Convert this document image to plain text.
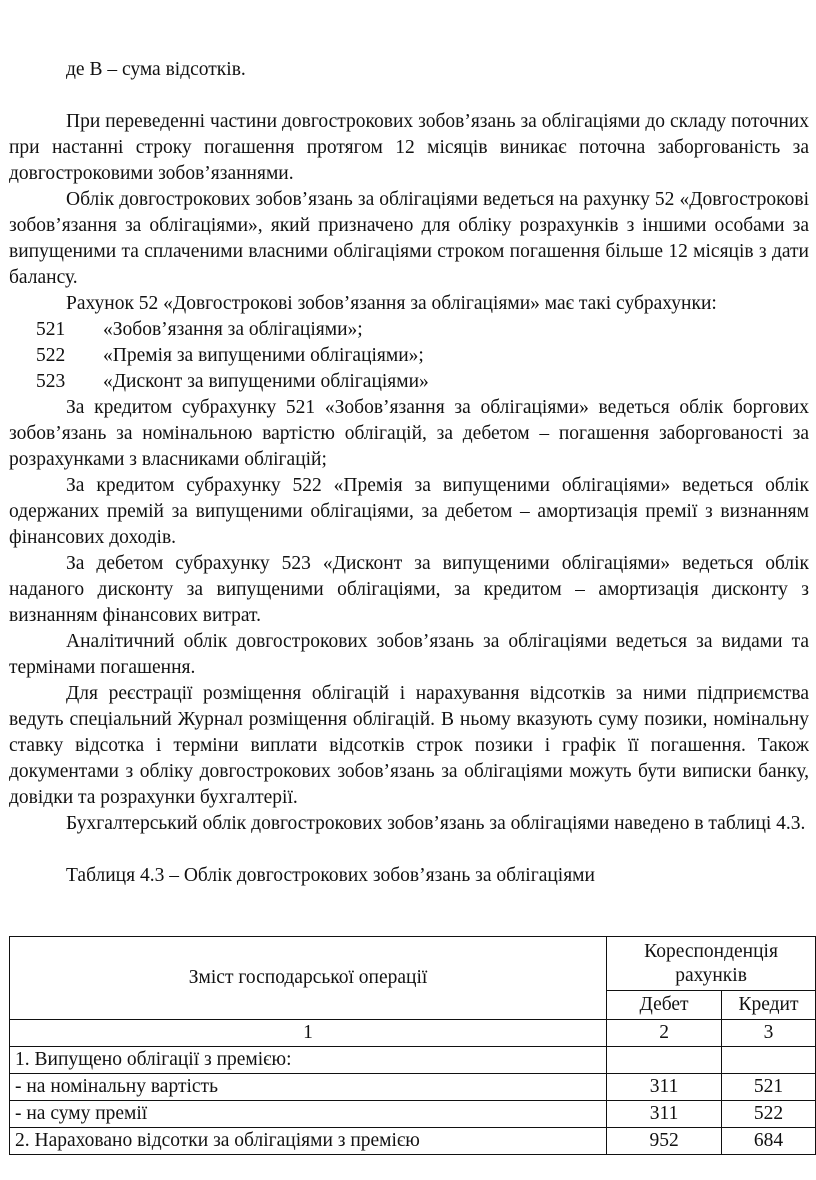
де В – сума відсотків.

При переведенні частини довгострокових зобов’язань за облігаціями до складу поточних при настанні строку погашення протягом 12 місяців виникає поточна заборгованість за довгостроковими зобов’язаннями.

Облік довгострокових зобов’язань за облігаціями ведеться на рахунку 52 «Довгострокові зобов’язання за облігаціями», який призначено для обліку розрахунків з іншими особами за випущеними та сплаченими власними облігаціями строком погашення більше 12 місяців з дати балансу.

Рахунок 52 «Довгострокові зобов’язання за облігаціями» має такі субрахунки:

521 «Зобов’язання за облігаціями»;
522 «Премія за випущеними облігаціями»;
523 «Дисконт за випущеними облігаціями»

За кредитом субрахунку 521 «Зобов’язання за облігаціями» ведеться облік боргових зобов’язань за номінальною вартістю облігацій, за дебетом – погашення заборгованості за розрахунками з власниками облігацій;

За кредитом субрахунку 522 «Премія за випущеними облігаціями» ведеться облік одержаних премій за випущеними облігаціями, за дебетом – амортизація премії з визнанням фінансових доходів.

За дебетом субрахунку 523 «Дисконт за випущеними облігаціями» ведеться облік наданого дисконту за випущеними облігаціями, за кредитом – амортизація дисконту з визнанням фінансових витрат.

Аналітичний облік довгострокових зобов’язань за облігаціями ведеться за видами та термінами погашення.

Для реєстрації розміщення облігацій і нарахування відсотків за ними підприємства ведуть спеціальний Журнал розміщення облігацій. В ньому вказують суму позики, номінальну ставку відсотка і терміни виплати відсотків строк позики і графік її погашення. Також документами з обліку довгострокових зобов’язань за облігаціями можуть бути виписки банку, довідки та розрахунки бухгалтерії.

Бухгалтерський облік довгострокових зобов’язань за облігаціями наведено в таблиці 4.3.

Таблиця 4.3 – Облік довгострокових зобов’язань за облігаціями

Зміст господарської операції	Кореспонденція рахунків	
	Дебет	Кредит
1	2	3
1. Випущено облігації з премією:		
- на номінальну вартість	311	521
- на суму премії	311	522
2. Нараховано відсотки за облігаціями з премією	952	684
